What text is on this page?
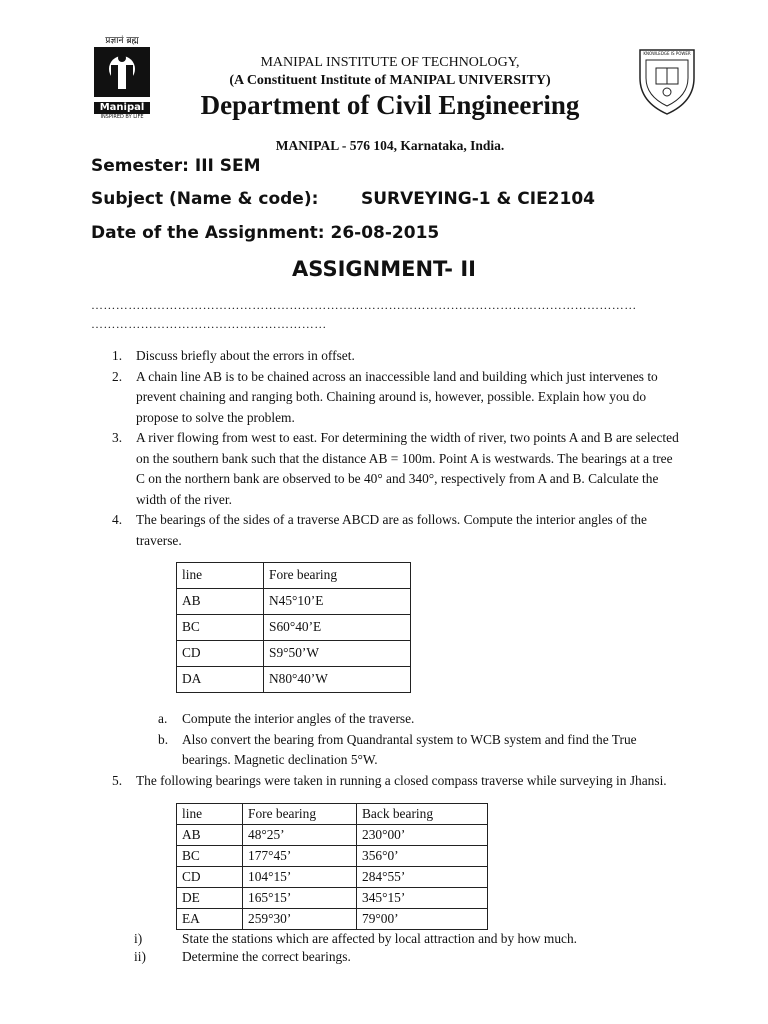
प्रज्ञानं ब्रह्म
Manipal
INSPIRED BY LIFE
KNOWLEDGE IS POWER
MANIPAL INSTITUTE OF TECHNOLOGY,
(A Constituent Institute of MANIPAL UNIVERSITY)
Department of Civil Engineering
MANIPAL - 576 104, Karnataka, India.
Semester: III SEM
Subject (Name & code):	SURVEYING-1 & CIE2104
Date of the Assignment: 26-08-2015
ASSIGNMENT- II
……………………………………………………………………………………………………………………
…………………………………………………
1. Discuss briefly about the errors in offset.
2. A chain line AB is to be chained across an inaccessible land and building which just intervenes to prevent chaining and ranging both. Chaining around is, however, possible. Explain how you do propose to solve the problem.
3. A river flowing from west to east. For determining the width of river, two points A and B are selected on the southern bank such that the distance AB = 100m. Point A is westwards. The bearings at a tree C on the northern bank are observed to be 40° and 340°, respectively from A and B. Calculate the width of the river.
4. The bearings of the sides of a traverse ABCD are as follows. Compute the interior angles of the traverse.
line	Fore bearing
AB	N45°10’E
BC	S60°40’E
CD	S9°50’W
DA	N80°40’W
a. Compute the interior angles of the traverse.
b. Also convert the bearing from Quandrantal system to WCB system and find the True bearings. Magnetic declination 5°W.
5. The following bearings were taken in running a closed compass traverse while surveying in Jhansi.
line	Fore bearing	Back bearing
AB	48°25’	230°00’
BC	177°45’	356°0’
CD	104°15’	284°55’
DE	165°15’	345°15’
EA	259°30’	79°00’
i)	State the stations which are affected by local attraction and by how much.
ii)	Determine the correct bearings.
